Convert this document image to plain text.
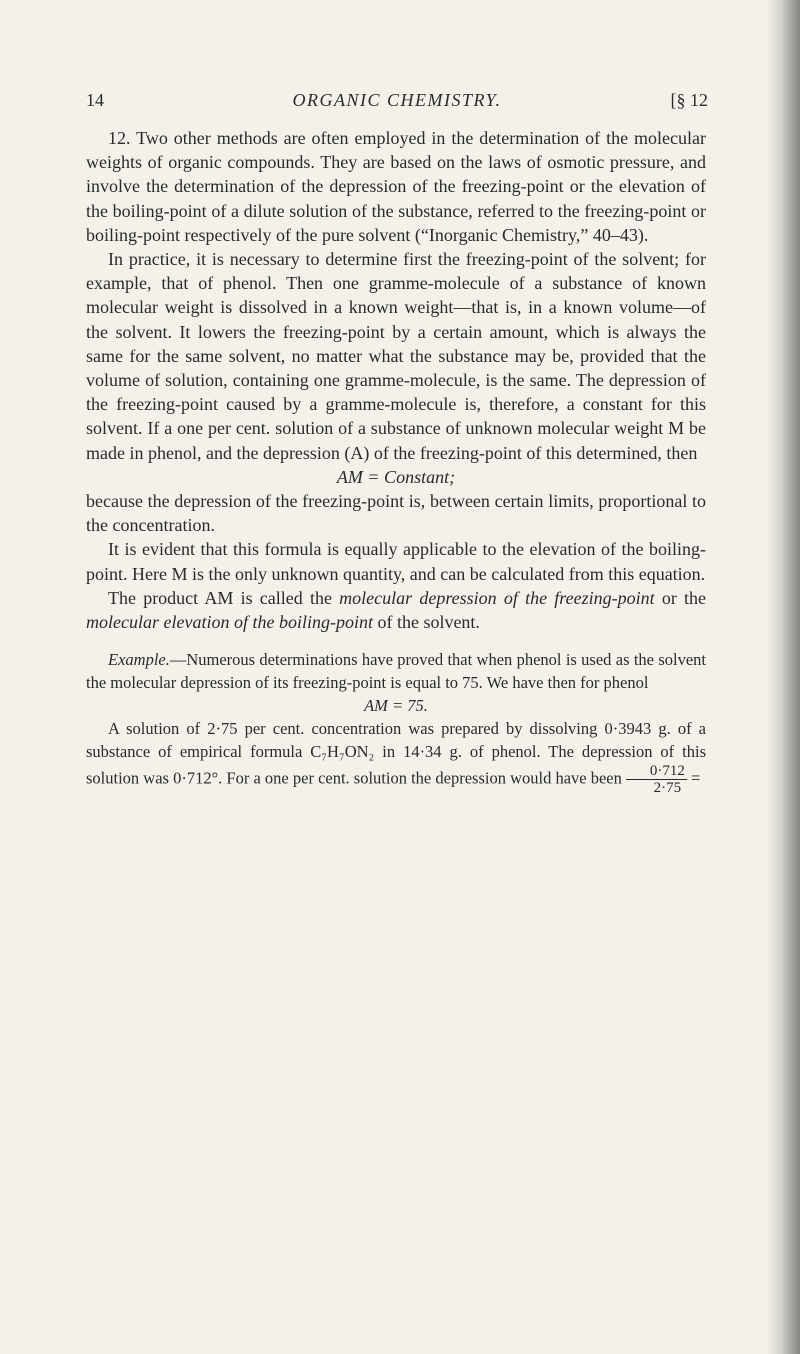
14	ORGANIC CHEMISTRY.	[§ 12

12. Two other methods are often employed in the determination of the molecular weights of organic compounds. They are based on the laws of osmotic pressure, and involve the determination of the depression of the freezing-point or the elevation of the boiling-point of a dilute solution of the substance, referred to the freezing-point or boiling-point respectively of the pure solvent (“Inorganic Chemistry,” 40–43).

In practice, it is necessary to determine first the freezing-point of the solvent; for example, that of phenol. Then one gramme-molecule of a substance of known molecular weight is dissolved in a known weight—that is, in a known volume—of the solvent. It lowers the freezing-point by a certain amount, which is always the same for the same solvent, no matter what the substance may be, provided that the volume of solution, containing one gramme-molecule, is the same. The depression of the freezing-point caused by a gramme-molecule is, therefore, a constant for this solvent. If a one per cent. solution of a substance of unknown molecular weight M be made in phenol, and the depression (A) of the freezing-point of this determined, then

AM = Constant;

because the depression of the freezing-point is, between certain limits, proportional to the concentration.

It is evident that this formula is equally applicable to the elevation of the boiling-point. Here M is the only unknown quantity, and can be calculated from this equation.

The product AM is called the molecular depression of the freezing-point or the molecular elevation of the boiling-point of the solvent.

Example.—Numerous determinations have proved that when phenol is used as the solvent the molecular depression of its freezing-point is equal to 75. We have then for phenol

AM = 75.

A solution of 2·75 per cent. concentration was prepared by dissolving 0·3943 g. of a substance of empirical formula C₇H₇ON₂ in 14·34 g. of phenol. The depression of this solution was 0·712°. For a one per cent. solution the depression would have been $\frac{0\cdot 712}{2\cdot 75}$ =
